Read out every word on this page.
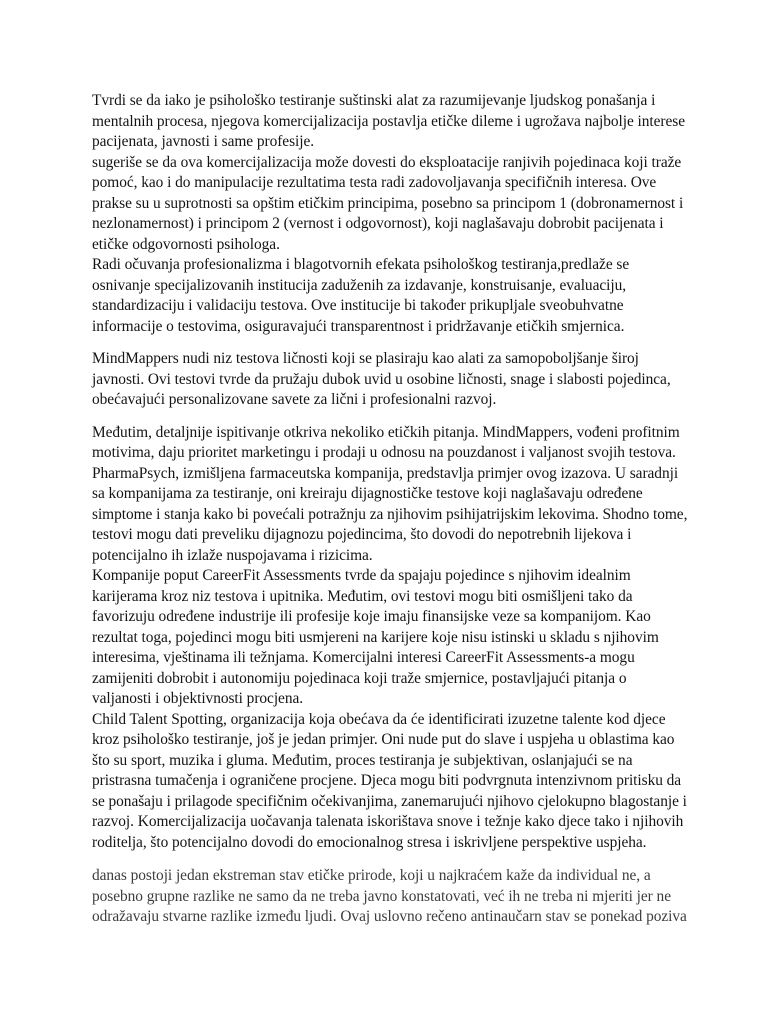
Tvrdi se da iako je psihološko testiranje suštinski alat za razumijevanje ljudskog ponašanja i
mentalnih procesa, njegova komercijalizacija postavlja etičke dileme i ugrožava najbolje interese
pacijenata, javnosti i same profesije.
sugeriše se da ova komercijalizacija može dovesti do eksploatacije ranjivih pojedinaca koji traže
pomoć, kao i do manipulacije rezultatima testa radi zadovoljavanja specifičnih interesa. Ove
prakse su u suprotnosti sa opštim etičkim principima, posebno sa principom 1 (dobronamernost i
nezlonamernost) i principom 2 (vernost i odgovornost), koji naglašavaju dobrobit pacijenata i
etičke odgovornosti psihologa.
Radi očuvanja profesionalizma i blagotvornih efekata psihološkog testiranja,predlaže se
osnivanje specijalizovanih institucija zaduženih za izdavanje, konstruisanje, evaluaciju,
standardizaciju i validaciju testova. Ove institucije bi također prikupljale sveobuhvatne
informacije o testovima, osiguravajući transparentnost i pridržavanje etičkih smjernica.
MindMappers nudi niz testova ličnosti koji se plasiraju kao alati za samopoboljšanje široj
javnosti. Ovi testovi tvrde da pružaju dubok uvid u osobine ličnosti, snage i slabosti pojedinca,
obećavajući personalizovane savete za lični i profesionalni razvoj.
Međutim, detaljnije ispitivanje otkriva nekoliko etičkih pitanja. MindMappers, vođeni profitnim
motivima, daju prioritet marketingu i prodaji u odnosu na pouzdanost i valjanost svojih testova.
PharmaPsych, izmišljena farmaceutska kompanija, predstavlja primjer ovog izazova. U saradnji
sa kompanijama za testiranje, oni kreiraju dijagnostičke testove koji naglašavaju određene
simptome i stanja kako bi povećali potražnju za njihovim psihijatrijskim lekovima. Shodno tome,
testovi mogu dati preveliku dijagnozu pojedincima, što dovodi do nepotrebnih lijekova i
potencijalno ih izlaže nuspojavama i rizicima.
Kompanije poput CareerFit Assessments tvrde da spajaju pojedince s njihovim idealnim
karijerama kroz niz testova i upitnika. Međutim, ovi testovi mogu biti osmišljeni tako da
favorizuju određene industrije ili profesije koje imaju finansijske veze sa kompanijom. Kao
rezultat toga, pojedinci mogu biti usmjereni na karijere koje nisu istinski u skladu s njihovim
interesima, vještinama ili težnjama. Komercijalni interesi CareerFit Assessments-a mogu
zamijeniti dobrobit i autonomiju pojedinaca koji traže smjernice, postavljajući pitanja o
valjanosti i objektivnosti procjena.
Child Talent Spotting, organizacija koja obećava da će identificirati izuzetne talente kod djece
kroz psihološko testiranje, još je jedan primjer. Oni nude put do slave i uspjeha u oblastima kao
što su sport, muzika i gluma. Međutim, proces testiranja je subjektivan, oslanjajući se na
pristrasna tumačenja i ograničene procjene. Djeca mogu biti podvrgnuta intenzivnom pritisku da
se ponašaju i prilagode specifičnim očekivanjima, zanemarujući njihovo cjelokupno blagostanje i
razvoj. Komercijalizacija uočavanja talenata iskorištava snove i težnje kako djece tako i njihovih
roditelja, što potencijalno dovodi do emocionalnog stresa i iskrivljene perspektive uspjeha.
danas postoji jedan ekstreman stav etičke prirode, koji u najkraćem kaže da individual ne, a
posebno grupne razlike ne samo da ne treba javno konstatovati, već ih ne treba ni mjeriti jer ne
odražavaju stvarne razlike između ljudi. Ovaj uslovno rečeno antinaučarn stav se ponekad poziva
